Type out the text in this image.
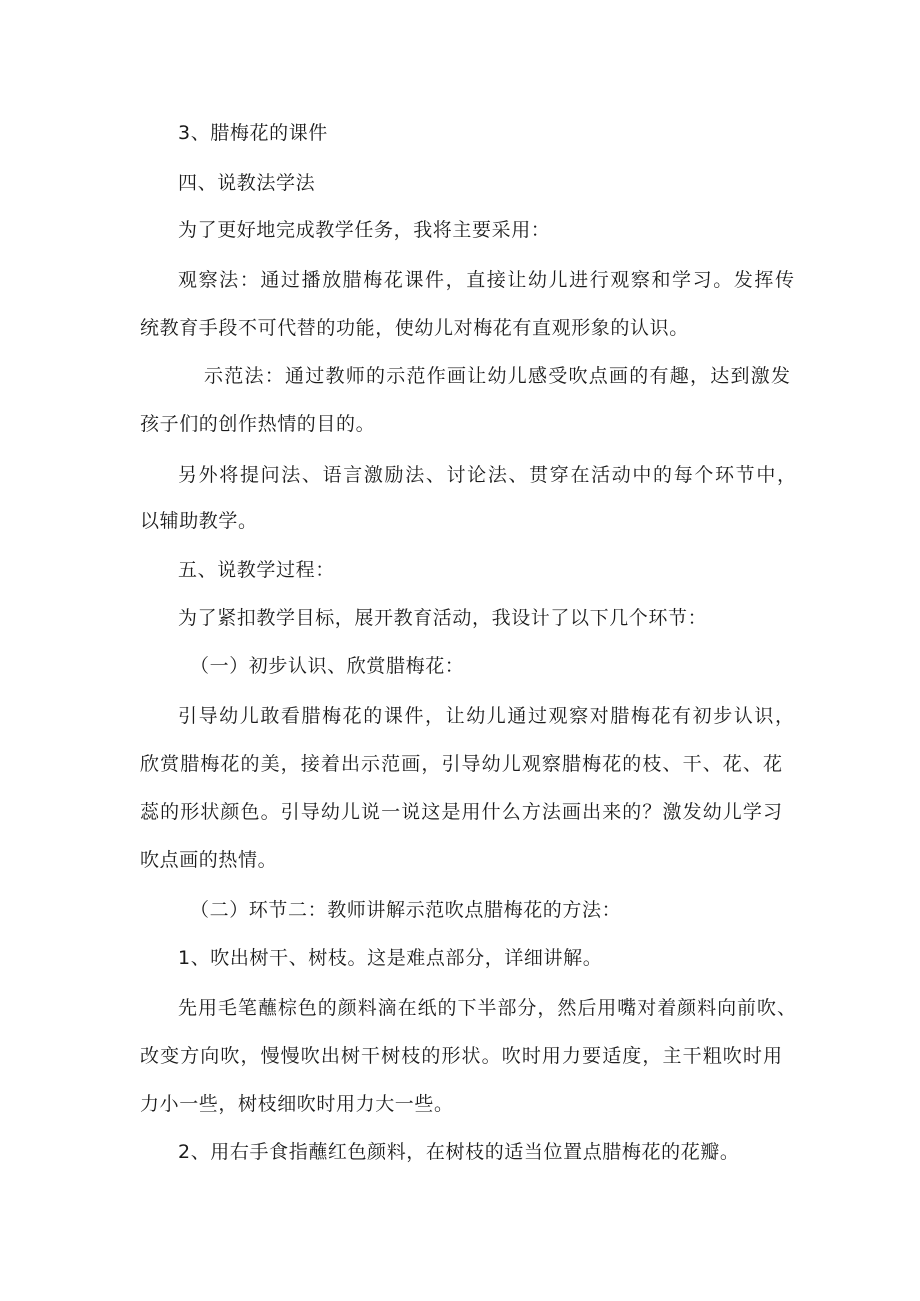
3、腊梅花的课件
四、说教法学法
为了更好地完成教学任务，我将主要采用：
观察法：通过播放腊梅花课件，直接让幼儿进行观察和学习。发挥传
统教育手段不可代替的功能，使幼儿对梅花有直观形象的认识。
示范法：通过教师的示范作画让幼儿感受吹点画的有趣，达到激发
孩子们的创作热情的目的。
另外将提问法、语言激励法、讨论法、贯穿在活动中的每个环节中，
以辅助教学。
五、说教学过程：
为了紧扣教学目标，展开教育活动，我设计了以下几个环节：
（一）初步认识、欣赏腊梅花：
引导幼儿敢看腊梅花的课件，让幼儿通过观察对腊梅花有初步认识，
欣赏腊梅花的美，接着出示范画，引导幼儿观察腊梅花的枝、干、花、花
蕊的形状颜色。引导幼儿说一说这是用什么方法画出来的？激发幼儿学习
吹点画的热情。
（二）环节二：教师讲解示范吹点腊梅花的方法：
1、吹出树干、树枝。这是难点部分，详细讲解。
先用毛笔蘸棕色的颜料滴在纸的下半部分，然后用嘴对着颜料向前吹、
改变方向吹，慢慢吹出树干树枝的形状。吹时用力要适度，主干粗吹时用
力小一些，树枝细吹时用力大一些。
2、用右手食指蘸红色颜料，在树枝的适当位置点腊梅花的花瓣。
